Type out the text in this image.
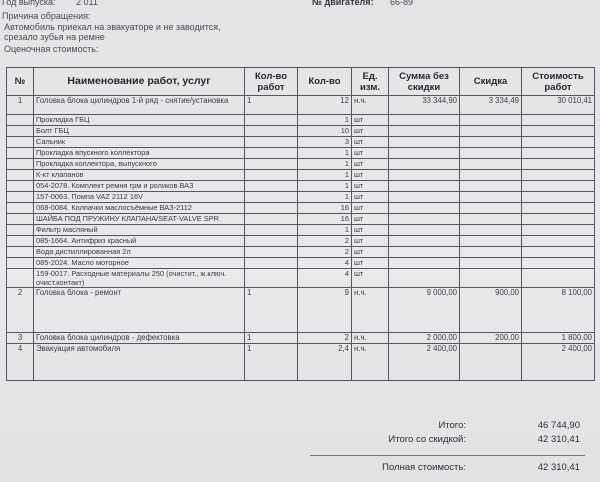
Год выпуска: 2 011	№ двигателя: 66-89
Причина обращения:
Автомобиль приехал на эвакуаторе и не заводится,
срезало зубья на ремне
Оценочная стоимость:
№	Наименование работ, услуг	Кол-во работ	Кол-во	Ед. изм.	Сумма без скидки	Скидка	Стоимость работ
1	Головка блока цилиндров 1-й ряд - снятие/установка	1	12	н.ч.	33 344,90	3 334,49	30 010,41
	Прокладка ГБЦ		1	шт			
	Болт ГБЦ		10	шт			
	Сальник		3	шт			
	Прокладка впускного коллектора		1	шт			
	Прокладка коллектора, выпускного		1	шт			
	К-кт клапанов		1	шт			
	054-2078. Комплект ремня грм и роликов ВАЗ		1	шт			
	157-0063. Помпа VAZ 2112 16V		1	шт			
	068-0084. Колпачки маслосъёмные ВАЗ-2112		16	шт			
	ШАЙБА ПОД ПРУЖИНУ КЛАПАНА/SEAT-VALVE SPR		16	шт			
	Фильтр масляный		1	шт			
	085-1664. Антифриз красный		2	шт			
	Вода дистиллированная 2л		2	шт			
	085-2024. Масло моторное		4	шт			
	159-0017. Расходные материалы 250 (очистит., ж.ключ. очист.контакт)		4	шт			
2	Головка блока - ремонт	1	9	н.ч.	9 000,00	900,00	8 100,00
3	Головка блока цилиндров - дефектовка	1	2	н.ч.	2 000,00	200,00	1 800,00
4	Эвакуация автомобиля	1	2,4	н.ч.	2 400,00		2 400,00
Итого:	46 744,90
Итого со скидкой:	42 310,41
Полная стоимость:	42 310,41
